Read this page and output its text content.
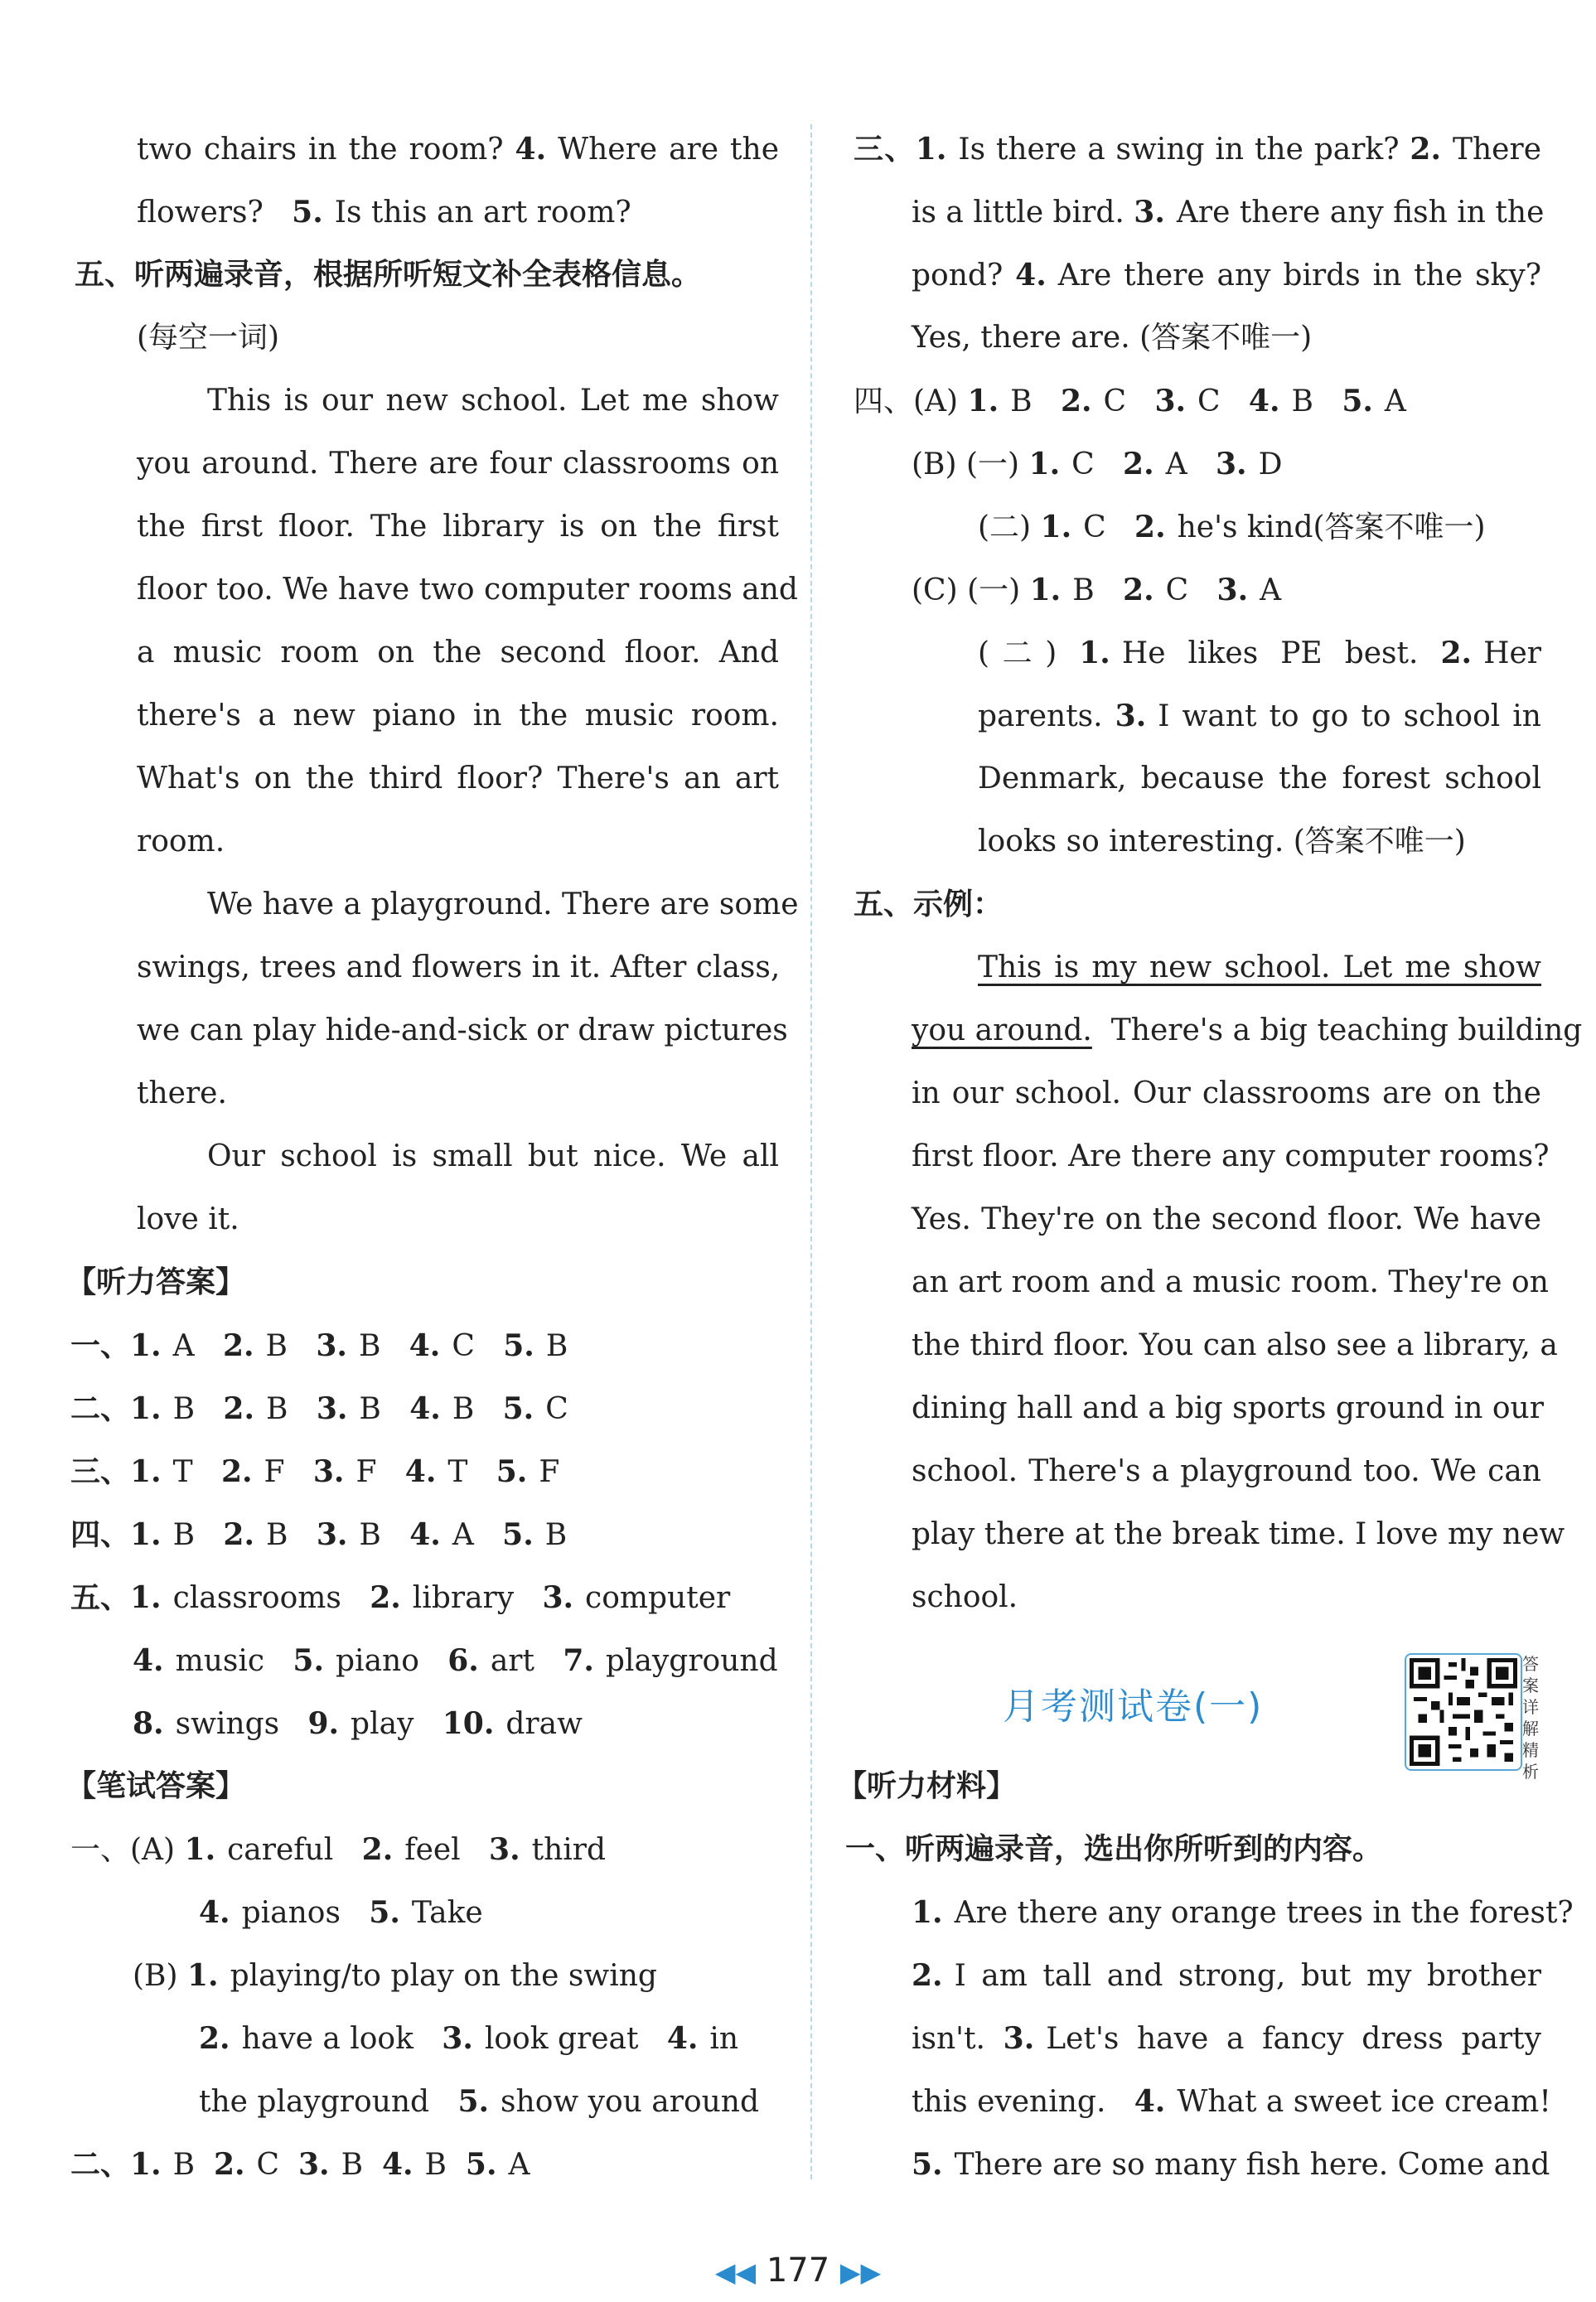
two chairs in the room? 4. Where are the
flowers? 5. Is this an art room?
五、听两遍录音，根据所听短文补全表格信息。
(每空一词)
This is our new school. Let me show
you around. There are four classrooms on
the first floor. The library is on the first
floor too. We have two computer rooms and
a music room on the second floor. And
there's a new piano in the music room.
What's on the third floor? There's an art
room.
We have a playground. There are some
swings, trees and flowers in it. After class,
we can play hide-and-sick or draw pictures
there.
Our school is small but nice. We all
love it.
【听力答案】
一、1. A 2. B 3. B 4. C 5. B
二、1. B 2. B 3. B 4. B 5. C
三、1. T 2. F 3. F 4. T 5. F
四、1. B 2. B 3. B 4. A 5. B
五、1. classrooms 2. library 3. computer
4. music 5. piano 6. art 7. playground
8. swings 9. play 10. draw
【笔试答案】
一、(A) 1. careful 2. feel 3. third
4. pianos 5. Take
(B) 1. playing/to play on the swing
2. have a look 3. look great 4. in
the playground 5. show you around
二、1. B 2. C 3. B 4. B 5. A
三、1. Is there a swing in the park? 2. There
is a little bird. 3. Are there any fish in the
pond? 4. Are there any birds in the sky?
Yes, there are. (答案不唯一)
四、(A) 1. B 2. C 3. C 4. B 5. A
(B) (一) 1. C 2. A 3. D
(二) 1. C 2. he's kind(答案不唯一)
(C) (一) 1. B 2. C 3. A
(二) 1. He likes PE best. 2. Her
parents. 3. I want to go to school in
Denmark, because the forest school
looks so interesting. (答案不唯一)
五、示例：
This is my new school. Let me show
you around. There's a big teaching building
in our school. Our classrooms are on the
first floor. Are there any computer rooms?
Yes. They're on the second floor. We have
an art room and a music room. They're on
the third floor. You can also see a library, a
dining hall and a big sports ground in our
school. There's a playground too. We can
play there at the break time. I love my new
school.
【听力材料】
一、听两遍录音，选出你所听到的内容。
1. Are there any orange trees in the forest?
2. I am tall and strong, but my brother
isn't. 3. Let's have a fancy dress party
this evening. 4. What a sweet ice cream!
5. There are so many fish here. Come and
月考测试卷(一)
答案详解精析
◀◀ 177 ▶▶
